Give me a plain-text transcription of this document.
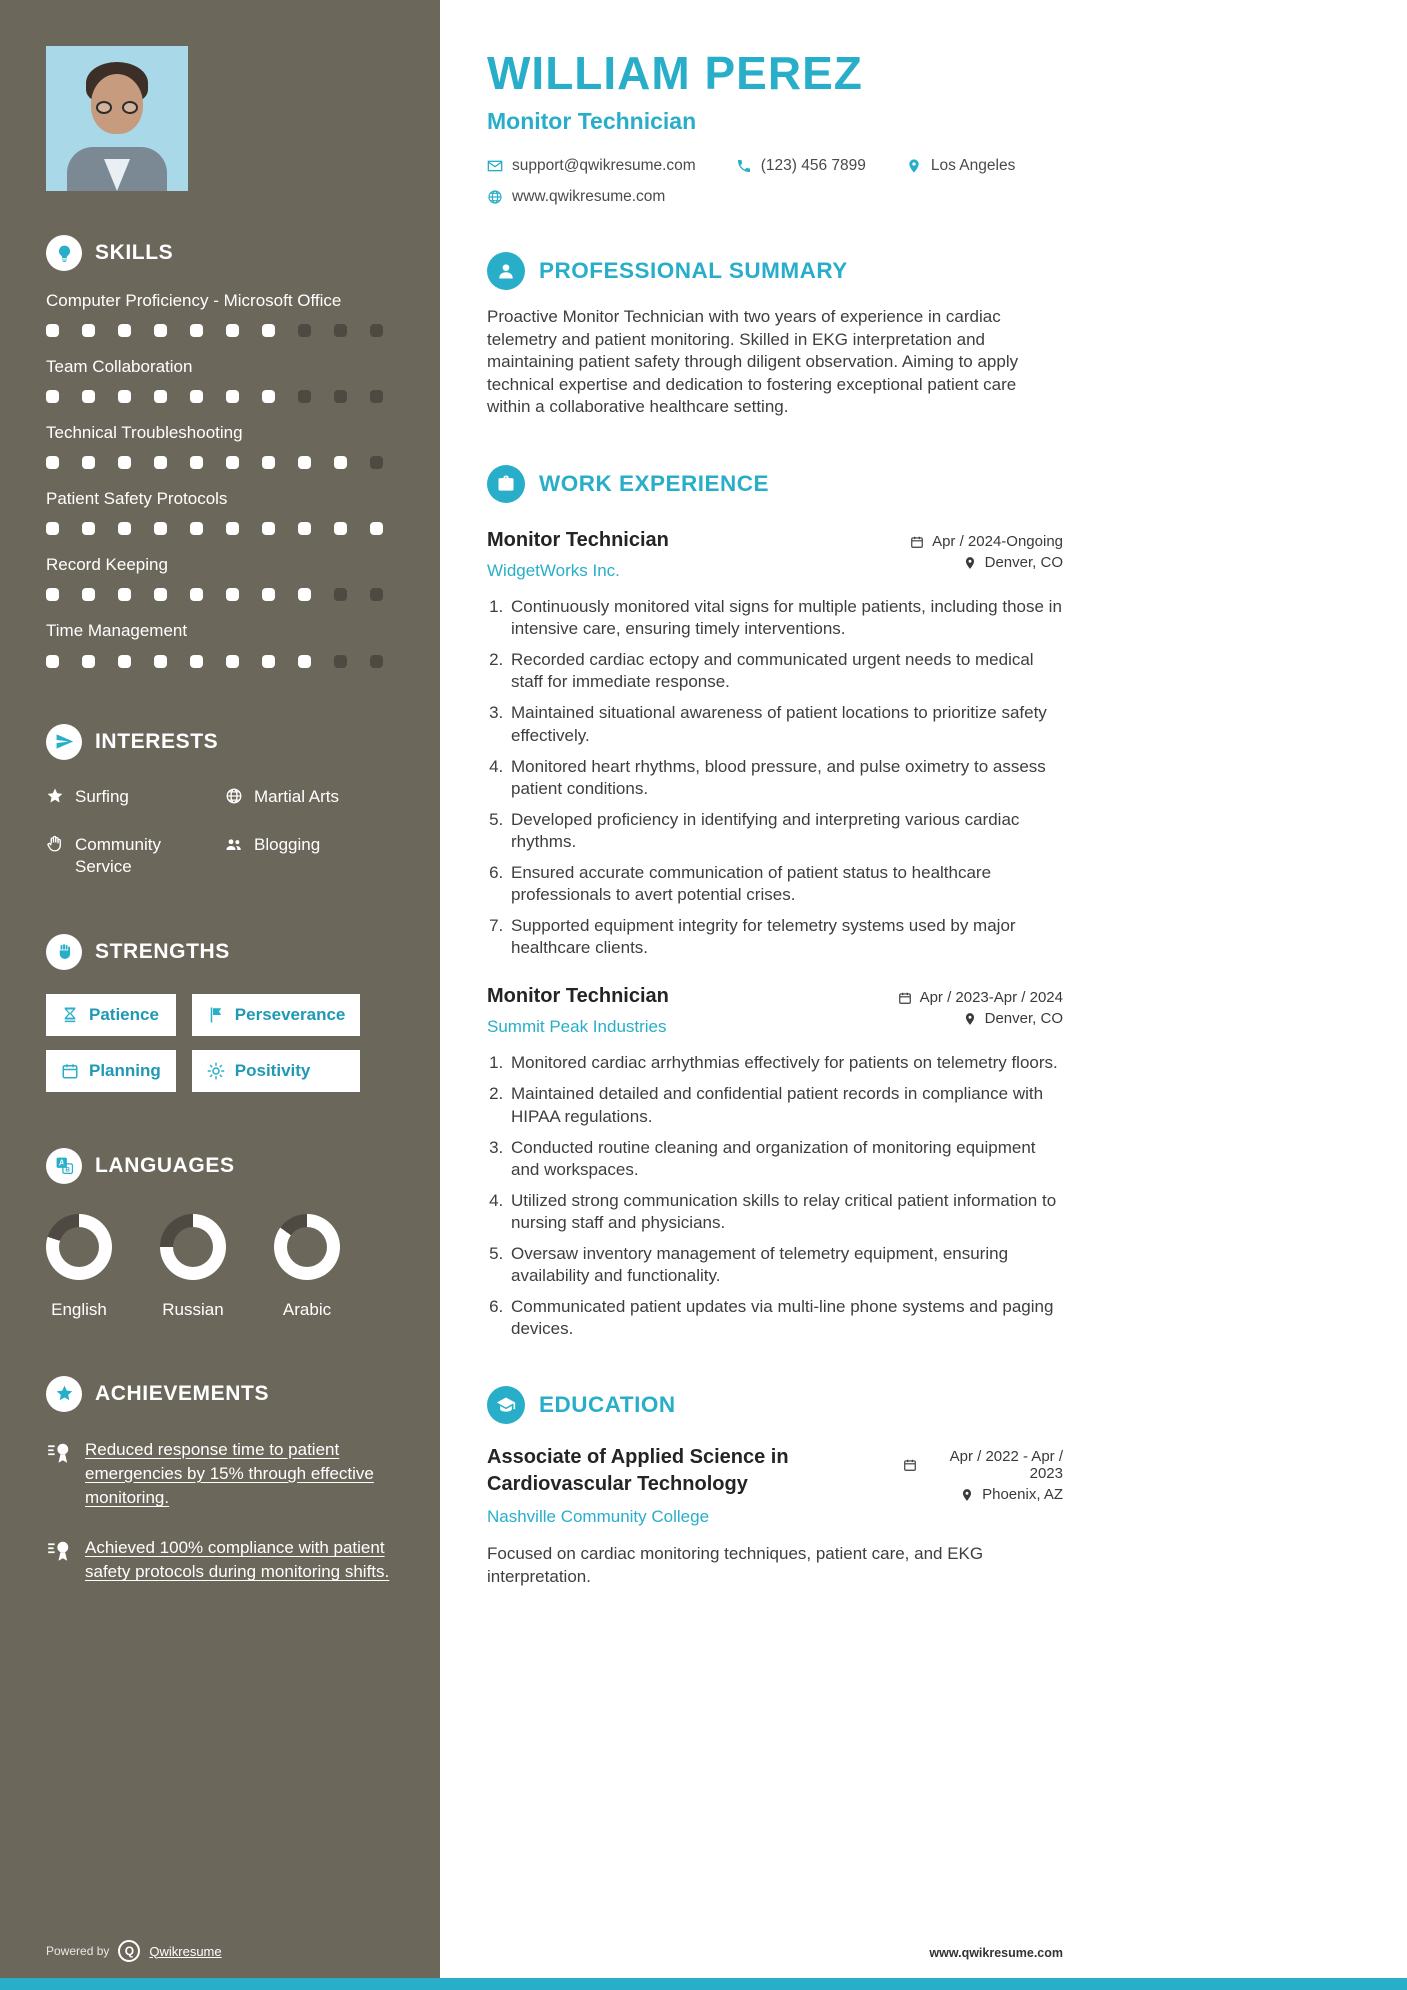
SKILLS
Computer Proficiency - Microsoft Office
Team Collaboration
Technical Troubleshooting
Patient Safety Protocols
Record Keeping
Time Management
INTERESTS
Surfing	Martial Arts
Community Service
Blogging
STRENGTHS
Patience	Perseverance
Planning	Positivity
A
B LANGUAGES
English	Russian	Arabic
ACHIEVEMENTS

Reduced response time to patient emergencies by 15% through effective monitoring.

Achieved 100% compliance with patient safety protocols during monitoring shifts.

Powered by	Q	Qwikresume
WILLIAM PEREZ
Monitor Technician
support@qwikresume.com	(123) 456 7899	Los Angeles
www.qwikresume.com
PROFESSIONAL SUMMARY

Proactive Monitor Technician with two years of experience in cardiac telemetry and patient monitoring. Skilled in EKG interpretation and maintaining patient safety through diligent observation. Aiming to apply technical expertise and dedication to fostering exceptional patient care within a collaborative healthcare setting.

WORK EXPERIENCE
Monitor Technician
WidgetWorks Inc.
Apr / 2024-Ongoing
Denver, CO
1. Continuously monitored vital signs for multiple patients, including those in intensive care, ensuring timely interventions.
2. Recorded cardiac ectopy and communicated urgent needs to medical staff for immediate response.
3. Maintained situational awareness of patient locations to prioritize safety effectively.
4. Monitored heart rhythms, blood pressure, and pulse oximetry to assess patient conditions.
5. Developed proficiency in identifying and interpreting various cardiac rhythms.
6. Ensured accurate communication of patient status to healthcare professionals to avert potential crises.
7. Supported equipment integrity for telemetry systems used by major healthcare clients.
Monitor Technician
Summit Peak Industries
Apr / 2023-Apr / 2024
Denver, CO
1. Monitored cardiac arrhythmias effectively for patients on telemetry floors.
2. Maintained detailed and confidential patient records in compliance with HIPAA regulations.
3. Conducted routine cleaning and organization of monitoring equipment and workspaces.
4. Utilized strong communication skills to relay critical patient information to nursing staff and physicians.
5. Oversaw inventory management of telemetry equipment, ensuring availability and functionality.
6. Communicated patient updates via multi-line phone systems and paging devices.
EDUCATION
Associate of Applied Science in Cardiovascular Technology
Nashville Community College
Apr / 2022 - Apr / 2023
Phoenix, AZ

Focused on cardiac monitoring techniques, patient care, and EKG interpretation.

www.qwikresume.com
